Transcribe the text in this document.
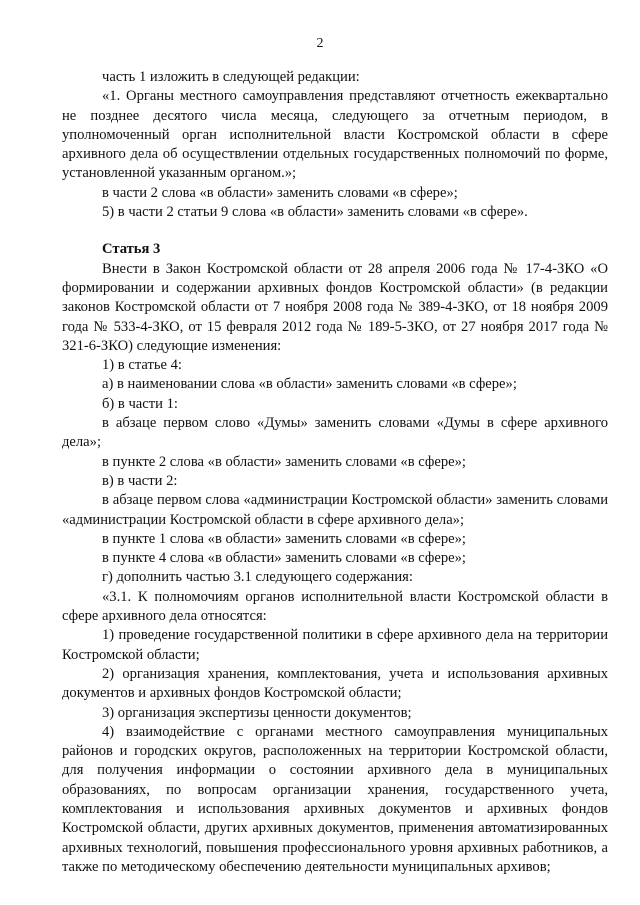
2

часть 1 изложить в следующей редакции:

«1. Органы местного самоуправления представляют отчетность ежеквартально не позднее десятого числа месяца, следующего за отчетным периодом, в уполномоченный орган исполнительной власти Костромской области в сфере архивного дела об осуществлении отдельных государственных полномочий по форме, установленной указанным органом.»;

в части 2 слова «в области» заменить словами «в сфере»;

5) в части 2 статьи 9 слова «в области» заменить словами «в сфере».

Статья 3

Внести в Закон Костромской области от 28 апреля 2006 года № 17-4-ЗКО «О формировании и содержании архивных фондов Костромской области» (в редакции законов Костромской области от 7 ноября 2008 года № 389-4-ЗКО, от 18 ноября 2009 года № 533-4-ЗКО, от 15 февраля 2012 года № 189-5-ЗКО, от 27 ноября 2017 года № 321-6-ЗКО) следующие изменения:

1) в статье 4:

а) в наименовании слова «в области» заменить словами «в сфере»;

б) в части 1:

в абзаце первом слово «Думы» заменить словами «Думы в сфере архивного дела»;

в пункте 2 слова «в области» заменить словами «в сфере»;

в) в части 2:

в абзаце первом слова «администрации Костромской области» заменить словами «администрации Костромской области в сфере архивного дела»;

в пункте 1 слова «в области» заменить словами «в сфере»;

в пункте 4 слова «в области» заменить словами «в сфере»;

г) дополнить частью 3.1 следующего содержания:

«3.1. К полномочиям органов исполнительной власти Костромской области в сфере архивного дела относятся:

1) проведение государственной политики в сфере архивного дела на территории Костромской области;

2) организация хранения, комплектования, учета и использования архивных документов и архивных фондов Костромской области;

3) организация экспертизы ценности документов;

4) взаимодействие с органами местного самоуправления муниципальных районов и городских округов, расположенных на территории Костромской области, для получения информации о состоянии архивного дела в муниципальных образованиях, по вопросам организации хранения, государственного учета, комплектования и использования архивных документов и архивных фондов Костромской области, других архивных документов, применения автоматизированных архивных технологий, повышения профессионального уровня архивных работников, а также по методическому обеспечению деятельности муниципальных архивов;
